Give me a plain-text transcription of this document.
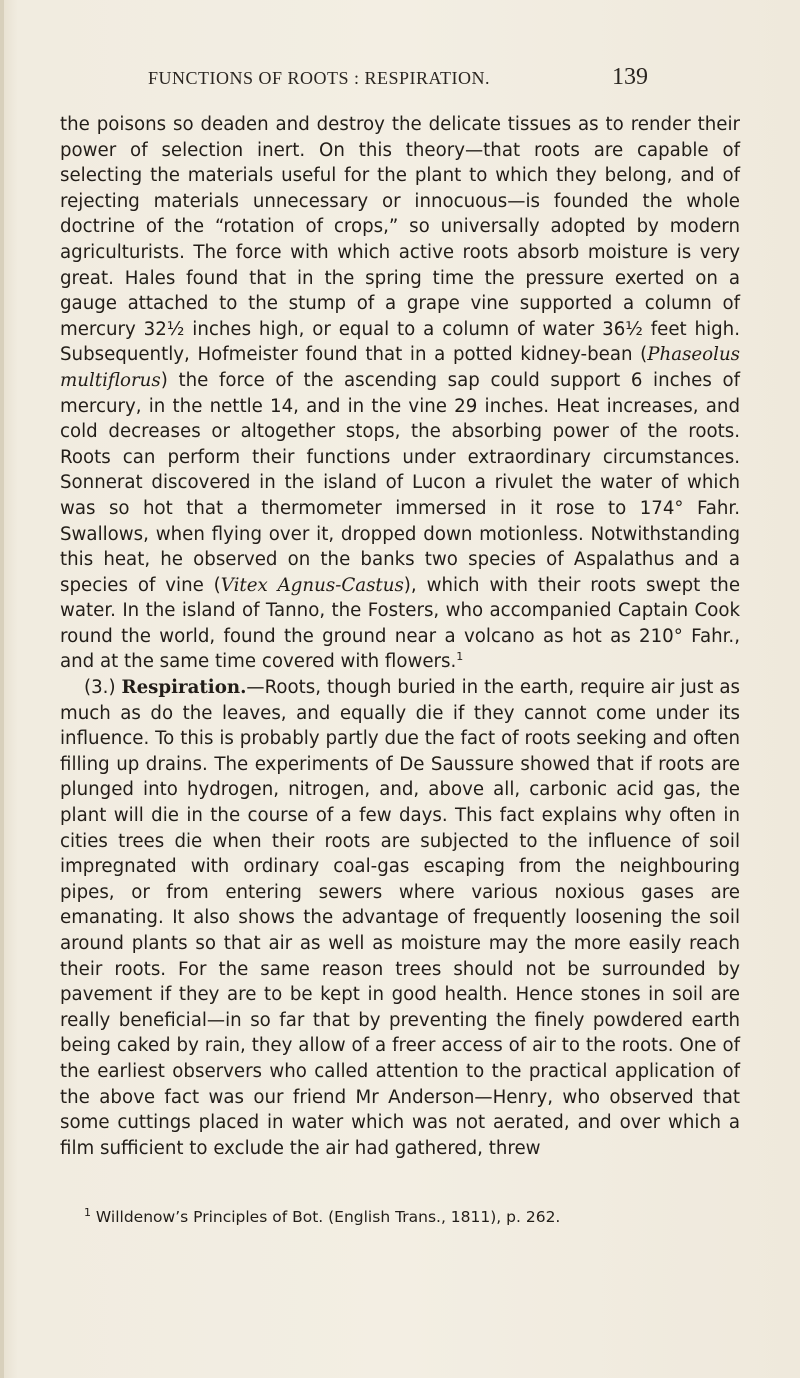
FUNCTIONS OF ROOTS : RESPIRATION.	139

the poisons so deaden and destroy the delicate tissues as to render their power of selection inert. On this theory—that roots are capable of selecting the materials useful for the plant to which they belong, and of rejecting materials unnecessary or innocuous—is founded the whole doctrine of the “rotation of crops,” so universally adopted by modern agriculturists. The force with which active roots absorb moisture is very great. Hales found that in the spring time the pressure exerted on a gauge attached to the stump of a grape vine supported a column of mercury 32½ inches high, or equal to a column of water 36½ feet high. Subsequently, Hofmeister found that in a potted kidney-bean (Phaseolus multiflorus) the force of the ascending sap could support 6 inches of mercury, in the nettle 14, and in the vine 29 inches. Heat increases, and cold decreases or altogether stops, the absorbing power of the roots. Roots can perform their functions under extraordinary circumstances. Sonnerat discovered in the island of Lucon a rivulet the water of which was so hot that a thermometer immersed in it rose to 174° Fahr. Swallows, when flying over it, dropped down motionless. Notwithstanding this heat, he observed on the banks two species of Aspalathus and a species of vine (Vitex Agnus-Castus), which with their roots swept the water. In the island of Tanno, the Fosters, who accompanied Captain Cook round the world, found the ground near a volcano as hot as 210° Fahr., and at the same time covered with flowers.$^1$

(3.) Respiration.—Roots, though buried in the earth, require air just as much as do the leaves, and equally die if they cannot come under its influence. To this is probably partly due the fact of roots seeking and often filling up drains. The experiments of De Saussure showed that if roots are plunged into hydrogen, nitrogen, and, above all, carbonic acid gas, the plant will die in the course of a few days. This fact explains why often in cities trees die when their roots are subjected to the influence of soil impregnated with ordinary coal-gas escaping from the neighbouring pipes, or from entering sewers where various noxious gases are emanating. It also shows the advantage of frequently loosening the soil around plants so that air as well as moisture may the more easily reach their roots. For the same reason trees should not be surrounded by pavement if they are to be kept in good health. Hence stones in soil are really beneficial—in so far that by preventing the finely powdered earth being caked by rain, they allow of a freer access of air to the roots. One of the earliest observers who called attention to the practical application of the above fact was our friend Mr Anderson—Henry, who observed that some cuttings placed in water which was not aerated, and over which a film sufficient to exclude the air had gathered, threw

$^1$ Willdenow’s Principles of Bot. (English Trans., 1811), p. 262.
